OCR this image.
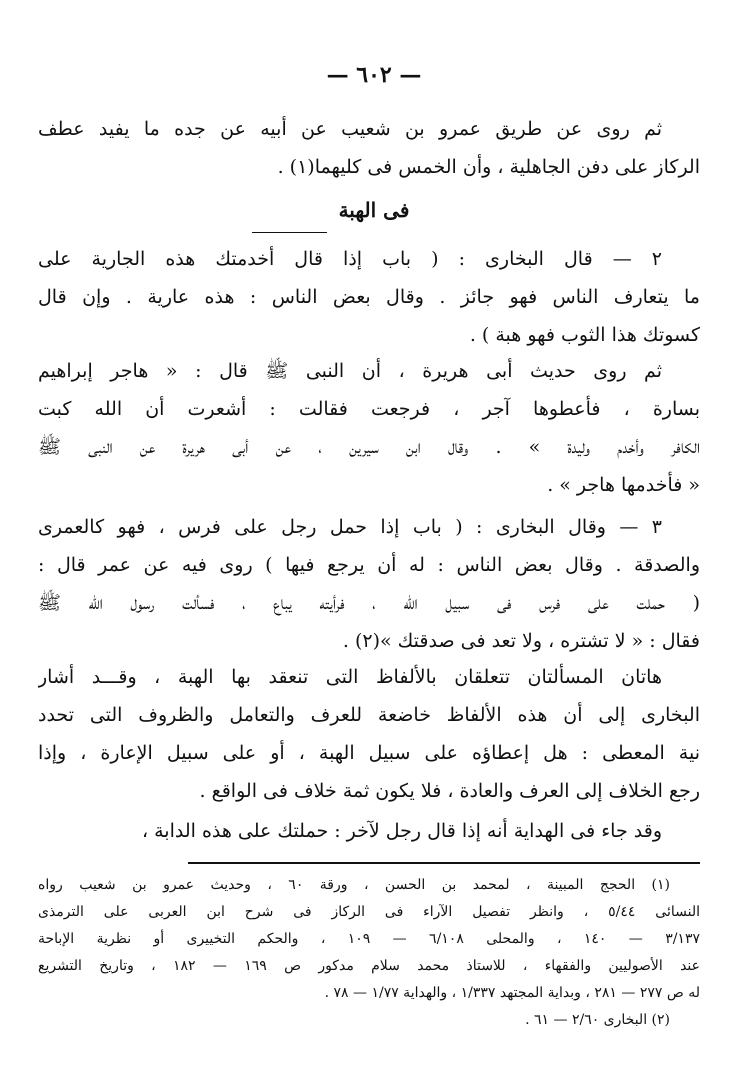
— ٦٠٢ —
ثم روى عن طريق عمرو بن شعيب عن أبيه عن جده ما يفيد عطف
الركاز على دفن الجاهلية ، وأن الخمس فى كليهما(١) .
فى الهبة
٢ — قال البخارى : ( باب إذا قال أخدمتك هذه الجارية على
ما يتعارف الناس فهو جائز . وقال بعض الناس : هذه عارية . وإن قال
كسوتك هذا الثوب فهو هبة ) .
ثم روى حديث أبى هريرة ، أن النبى ﷺ قال : « هاجر إبراهيم
بسارة ، فأعطوها آجر ، فرجعت فقالت : أشعرت أن الله كبت
الكافر وأخدم وليدة » . وقال ابن سيرين ، عن أبى هريرة عن النبى ﷺ
« فأخدمها هاجر » .
٣ — وقال البخارى : ( باب إذا حمل رجل على فرس ، فهو كالعمرى
والصدقة . وقال بعض الناس : له أن يرجع فيها ) روى فيه عن عمر قال :
( حملت على فرس فى سبيل الله ، فرأيته يباع ، فسألت رسول الله ﷺ
فقال : « لا تشتره ، ولا تعد فى صدقتك »(٢) .
هاتان المسألتان تتعلقان بالألفاظ التى تنعقد بها الهبة ، وقـــد أشار
البخارى إلى أن هذه الألفاظ خاضعة للعرف والتعامل والظروف التى تحدد
نية المعطى : هل إعطاؤه على سبيل الهبة ، أو على سبيل الإعارة ، وإذا
رجع الخلاف إلى العرف والعادة ، فلا يكون ثمة خلاف فى الواقع .
وقد جاء فى الهداية أنه إذا قال رجل لآخر : حملتك على هذه الدابة ،
(١) الحجج المبينة ، لمحمد بن الحسن ، ورقة ٦٠ ، وحديث عمرو بن شعيب رواه
النسائى ٥/٤٤ ، وانظر تفصيل الآراء فى الركاز فى شرح ابن العربى على الترمذى
٣/١٣٧ — ١٤٠ ، والمحلى ٦/١٠٨ — ١٠٩ ، والحكم التخييرى أو نظرية الإباحة
عند الأصوليين والفقهاء ، للاستاذ محمد سلام مدكور ص ١٦٩ — ١٨٢ ، وتاريخ التشريع
له ص ٢٧٧ — ٢٨١ ، وبداية المجتهد ١/٣٣٧ ، والهداية ١/٧٧ — ٧٨ .
(٢) البخارى ٢/٦٠ — ٦١ .
